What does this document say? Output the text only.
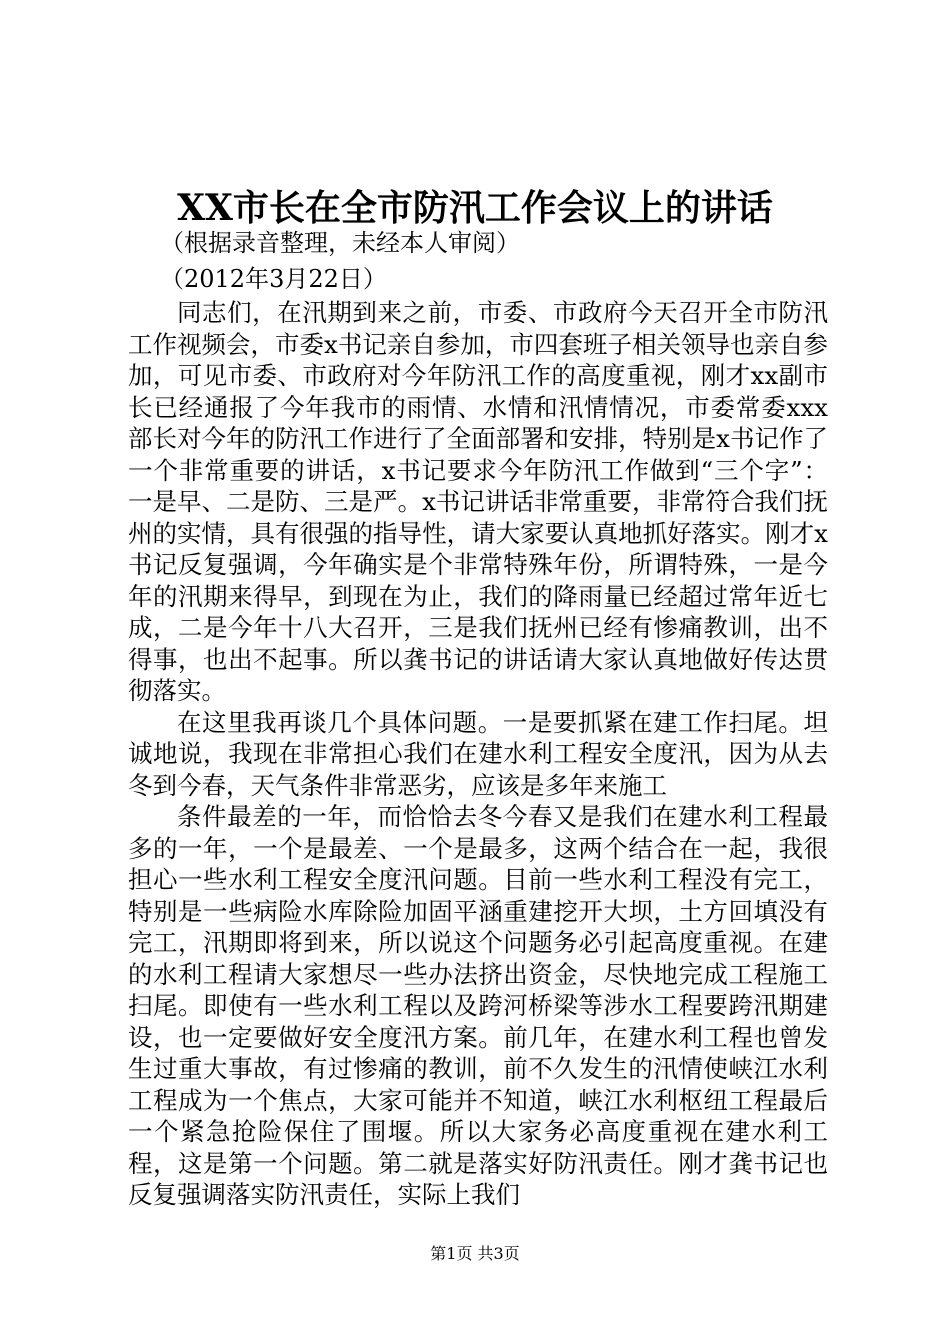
XX市长在全市防汛工作会议上的讲话
（根据录音整理，未经本人审阅）
（2012年3月22日）

同志们，在汛期到来之前，市委、市政府今天召开全市防汛工作视频会，市委x书记亲自参加，市四套班子相关领导也亲自参加，可见市委、市政府对今年防汛工作的高度重视，刚才xx副市长已经通报了今年我市的雨情、水情和汛情情况，市委常委xxx部长对今年的防汛工作进行了全面部署和安排，特别是x书记作了一个非常重要的讲话，x书记要求今年防汛工作做到“三个字”：一是早、二是防、三是严。x书记讲话非常重要，非常符合我们抚州的实情，具有很强的指导性，请大家要认真地抓好落实。刚才x书记反复强调，今年确实是个非常特殊年份，所谓特殊，一是今年的汛期来得早，到现在为止，我们的降雨量已经超过常年近七成，二是今年十八大召开，三是我们抚州已经有惨痛教训，出不得事，也出不起事。所以龚书记的讲话请大家认真地做好传达贯彻落实。

在这里我再谈几个具体问题。一是要抓紧在建工作扫尾。坦诚地说，我现在非常担心我们在建水利工程安全度汛，因为从去冬到今春，天气条件非常恶劣，应该是多年来施工

条件最差的一年，而恰恰去冬今春又是我们在建水利工程最多的一年，一个是最差、一个是最多，这两个结合在一起，我很担心一些水利工程安全度汛问题。目前一些水利工程没有完工，特别是一些病险水库除险加固平涵重建挖开大坝，土方回填没有完工，汛期即将到来，所以说这个问题务必引起高度重视。在建的水利工程请大家想尽一些办法挤出资金，尽快地完成工程施工扫尾。即使有一些水利工程以及跨河桥梁等涉水工程要跨汛期建设，也一定要做好安全度汛方案。前几年，在建水利工程也曾发生过重大事故，有过惨痛的教训，前不久发生的汛情使峡江水利工程成为一个焦点，大家可能并不知道，峡江水利枢纽工程最后一个紧急抢险保住了围堰。所以大家务必高度重视在建水利工程，这是第一个问题。第二就是落实好防汛责任。刚才龚书记也反复强调落实防汛责任，实际上我们

第1页 共3页
